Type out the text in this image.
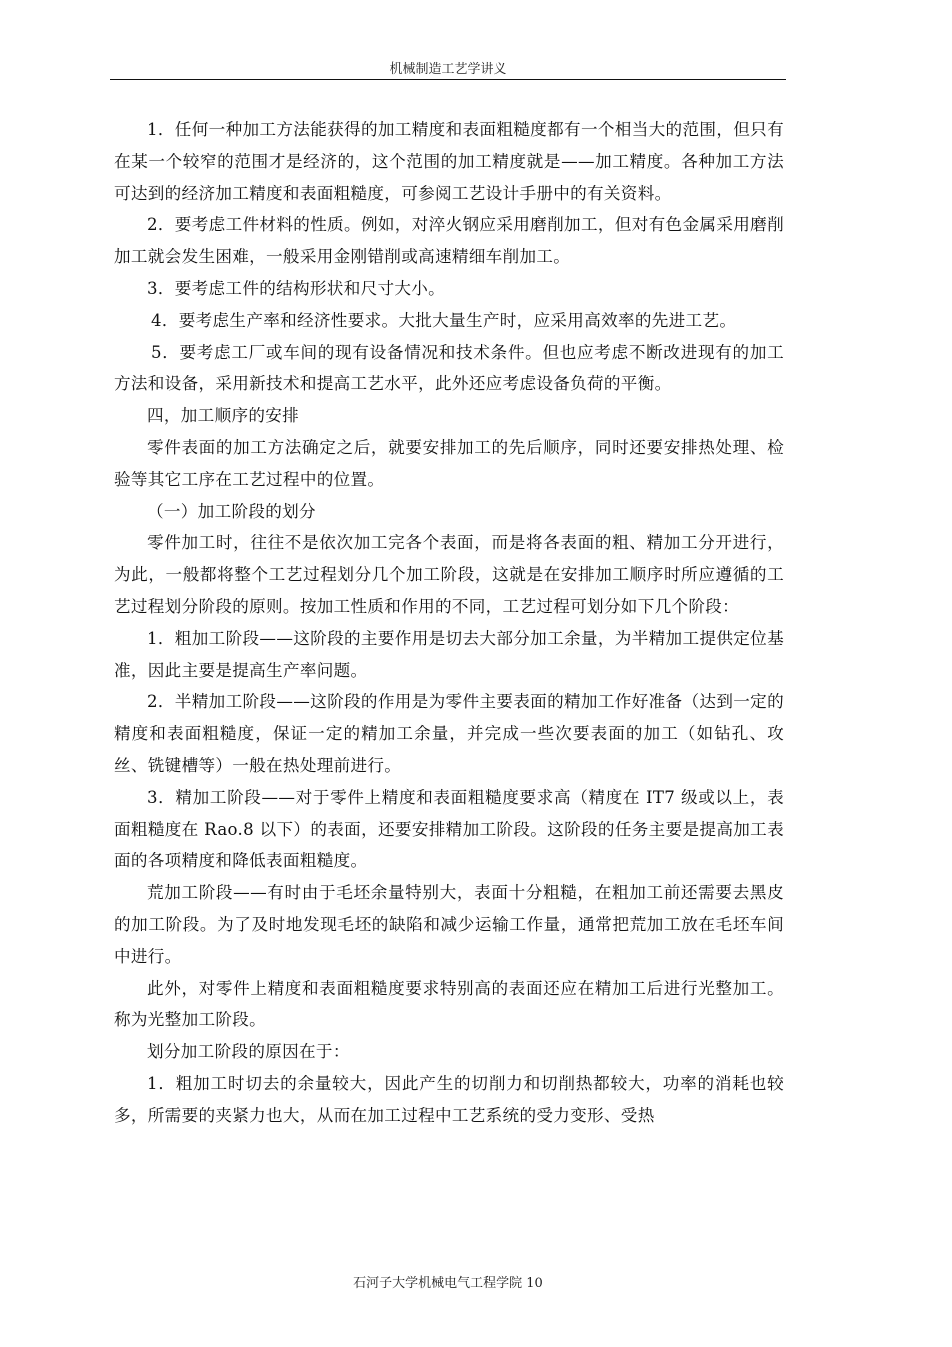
机械制造工艺学讲义

1．任何一种加工方法能获得的加工精度和表面粗糙度都有一个相当大的范围，但只有在某一个较窄的范围才是经济的，这个范围的加工精度就是——加工精度。各种加工方法可达到的经济加工精度和表面粗糙度，可参阅工艺设计手册中的有关资料。

2．要考虑工件材料的性质。例如，对淬火钢应采用磨削加工，但对有色金属采用磨削加工就会发生困难，一般采用金刚错削或高速精细车削加工。

3．要考虑工件的结构形状和尺寸大小。

4．要考虑生产率和经济性要求。大批大量生产时，应采用高效率的先进工艺。

5．要考虑工厂或车间的现有设备情况和技术条件。但也应考虑不断改进现有的加工方法和设备，采用新技术和提高工艺水平，此外还应考虑设备负荷的平衡。

四，加工顺序的安排

零件表面的加工方法确定之后，就要安排加工的先后顺序，同时还要安排热处理、检验等其它工序在工艺过程中的位置。

（一）加工阶段的划分

零件加工时，往往不是依次加工完各个表面，而是将各表面的粗、精加工分开进行，为此，一般都将整个工艺过程划分几个加工阶段，这就是在安排加工顺序时所应遵循的工艺过程划分阶段的原则。按加工性质和作用的不同，工艺过程可划分如下几个阶段：

1．粗加工阶段——这阶段的主要作用是切去大部分加工余量，为半精加工提供定位基准，因此主要是提高生产率问题。

2．半精加工阶段——这阶段的作用是为零件主要表面的精加工作好准备（达到一定的精度和表面粗糙度，保证一定的精加工余量，并完成一些次要表面的加工（如钻孔、攻丝、铣键槽等）一般在热处理前进行。

3．精加工阶段——对于零件上精度和表面粗糙度要求高（精度在 IT7 级或以上，表面粗糙度在 Rao.8 以下）的表面，还要安排精加工阶段。这阶段的任务主要是提高加工表面的各项精度和降低表面粗糙度。

荒加工阶段——有时由于毛坯余量特别大，表面十分粗糙，在粗加工前还需要去黑皮的加工阶段。为了及时地发现毛坯的缺陷和减少运输工作量，通常把荒加工放在毛坯车间中进行。

此外，对零件上精度和表面粗糙度要求特别高的表面还应在精加工后进行光整加工。称为光整加工阶段。

划分加工阶段的原因在于：

1．粗加工时切去的余量较大，因此产生的切削力和切削热都较大，功率的消耗也较多，所需要的夹紧力也大，从而在加工过程中工艺系统的受力变形、受热

石河子大学机械电气工程学院 10
